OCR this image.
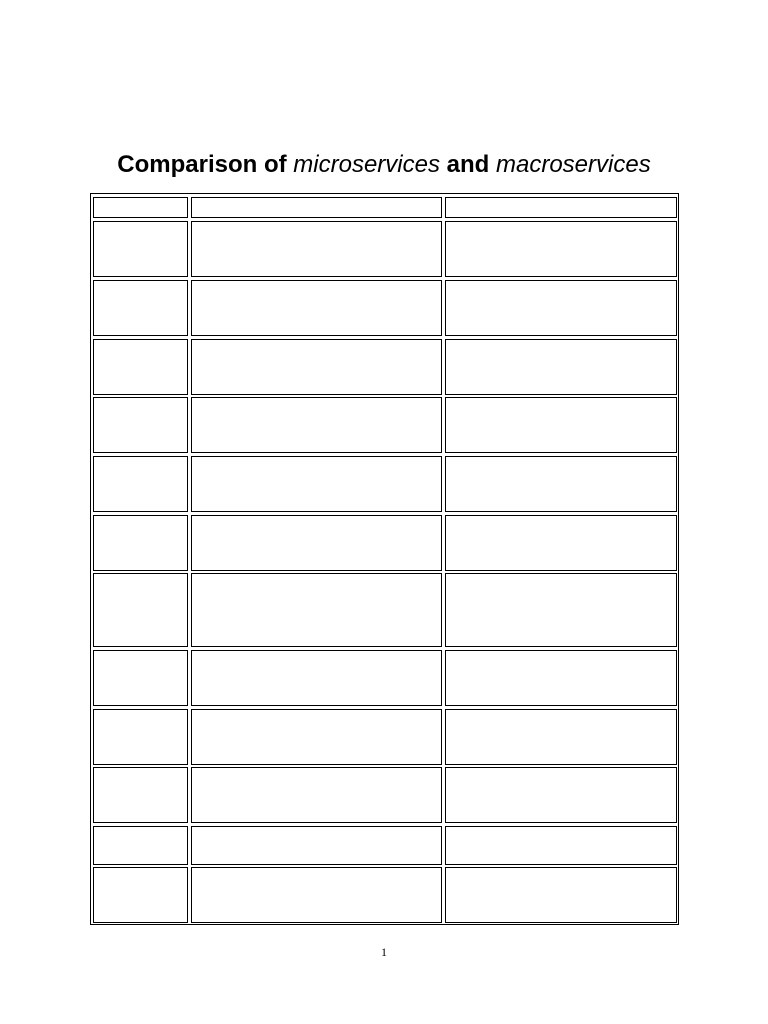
Comparison of microservices and macroservices
1
